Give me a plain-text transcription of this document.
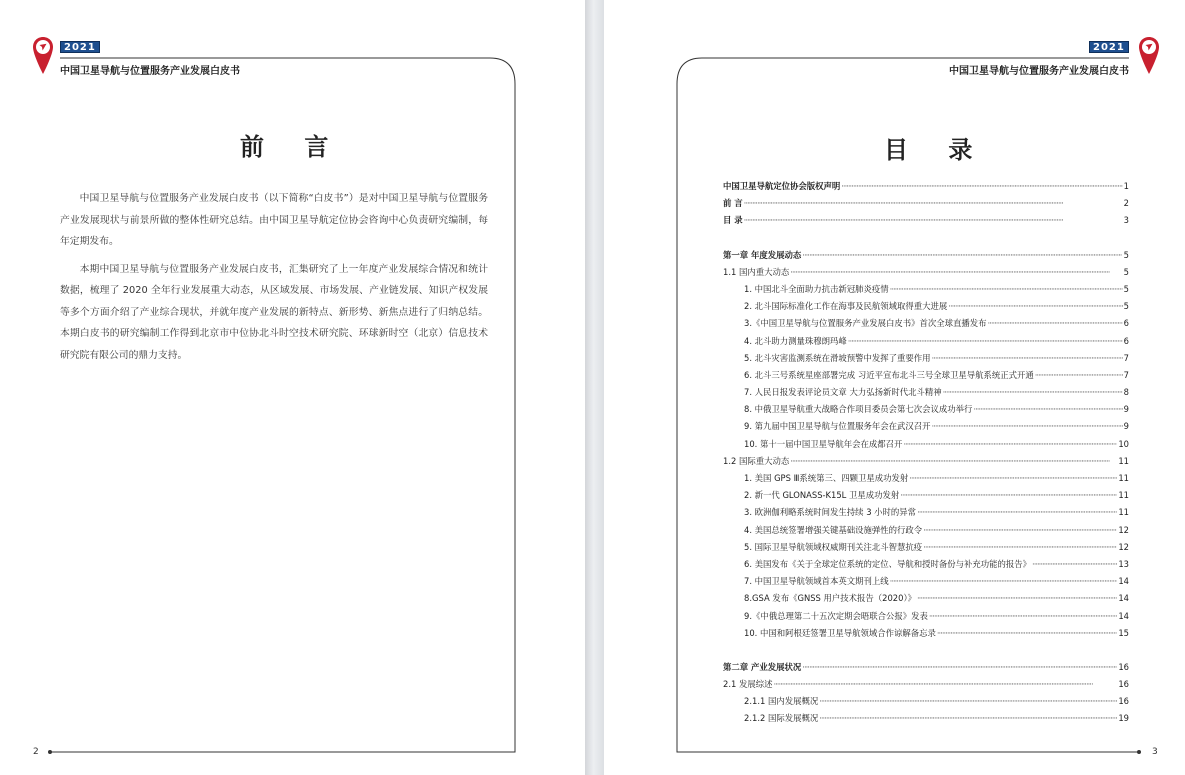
2021
中国卫星导航与位置服务产业发展白皮书
前 言

中国卫星导航与位置服务产业发展白皮书（以下简称“白皮书”）是对中国卫星导航与位置服务产业发展现状与前景所做的整体性研究总结。由中国卫星导航定位协会咨询中心负责研究编制，每年定期发布。

本期中国卫星导航与位置服务产业发展白皮书，汇集研究了上一年度产业发展综合情况和统计数据，梳理了 2020 全年行业发展重大动态，从区域发展、市场发展、产业链发展、知识产权发展等多个方面介绍了产业综合现状，并就年度产业发展的新特点、新形势、新焦点进行了归纳总结。本期白皮书的研究编制工作得到北京市中位协北斗时空技术研究院、环球新时空（北京）信息技术研究院有限公司的鼎力支持。

2
2021
中国卫星导航与位置服务产业发展白皮书
目 录
3
中国卫星导航定位协会版权声明 ·····	1
前 言 ·····	2
目 录 ·····	3
第一章 年度发展动态 ·····	5
1.1 国内重大动态 ·····	5
1. 中国北斗全面助力抗击新冠肺炎疫情 ·····	5
2. 北斗国际标准化工作在海事及民航领域取得重大进展 ·····	5
3.《中国卫星导航与位置服务产业发展白皮书》首次全球直播发布 ·····	6
4. 北斗助力测量珠穆朗玛峰 ·····	6
5. 北斗灾害监测系统在滑坡预警中发挥了重要作用 ·····	7
6. 北斗三号系统星座部署完成 习近平宣布北斗三号全球卫星导航系统正式开通 ·····	7
7. 人民日报发表评论员文章 大力弘扬新时代北斗精神 ·····	8
8. 中俄卫星导航重大战略合作项目委员会第七次会议成功举行 ·····	9
9. 第九届中国卫星导航与位置服务年会在武汉召开 ·····	9
10. 第十一届中国卫星导航年会在成都召开 ·····	10
1.2 国际重大动态 ·····	11
1. 美国 GPS Ⅲ系统第三、四颗卫星成功发射 ·····	11
2. 新一代 GLONASS-K15L 卫星成功发射 ·····	11
3. 欧洲伽利略系统时间发生持续 3 小时的异常 ·····	11
4. 美国总统签署增强关键基础设施弹性的行政令 ·····	12
5. 国际卫星导航领域权威期刊关注北斗智慧抗疫 ·····	12
6. 美国发布《关于全球定位系统的定位、导航和授时备份与补充功能的报告》 ·····	13
7. 中国卫星导航领域首本英文期刊上线 ·····	14
8.GSA 发布《GNSS 用户技术报告（2020）》 ·····	14
9.《中俄总理第二十五次定期会晤联合公报》发表 ·····	14
10. 中国和阿根廷签署卫星导航领域合作谅解备忘录 ·····	15
第二章 产业发展状况 ·····	16
2.1 发展综述 ·····	16
2.1.1 国内发展概况 ·····	16
2.1.2 国际发展概况 ·····	19
